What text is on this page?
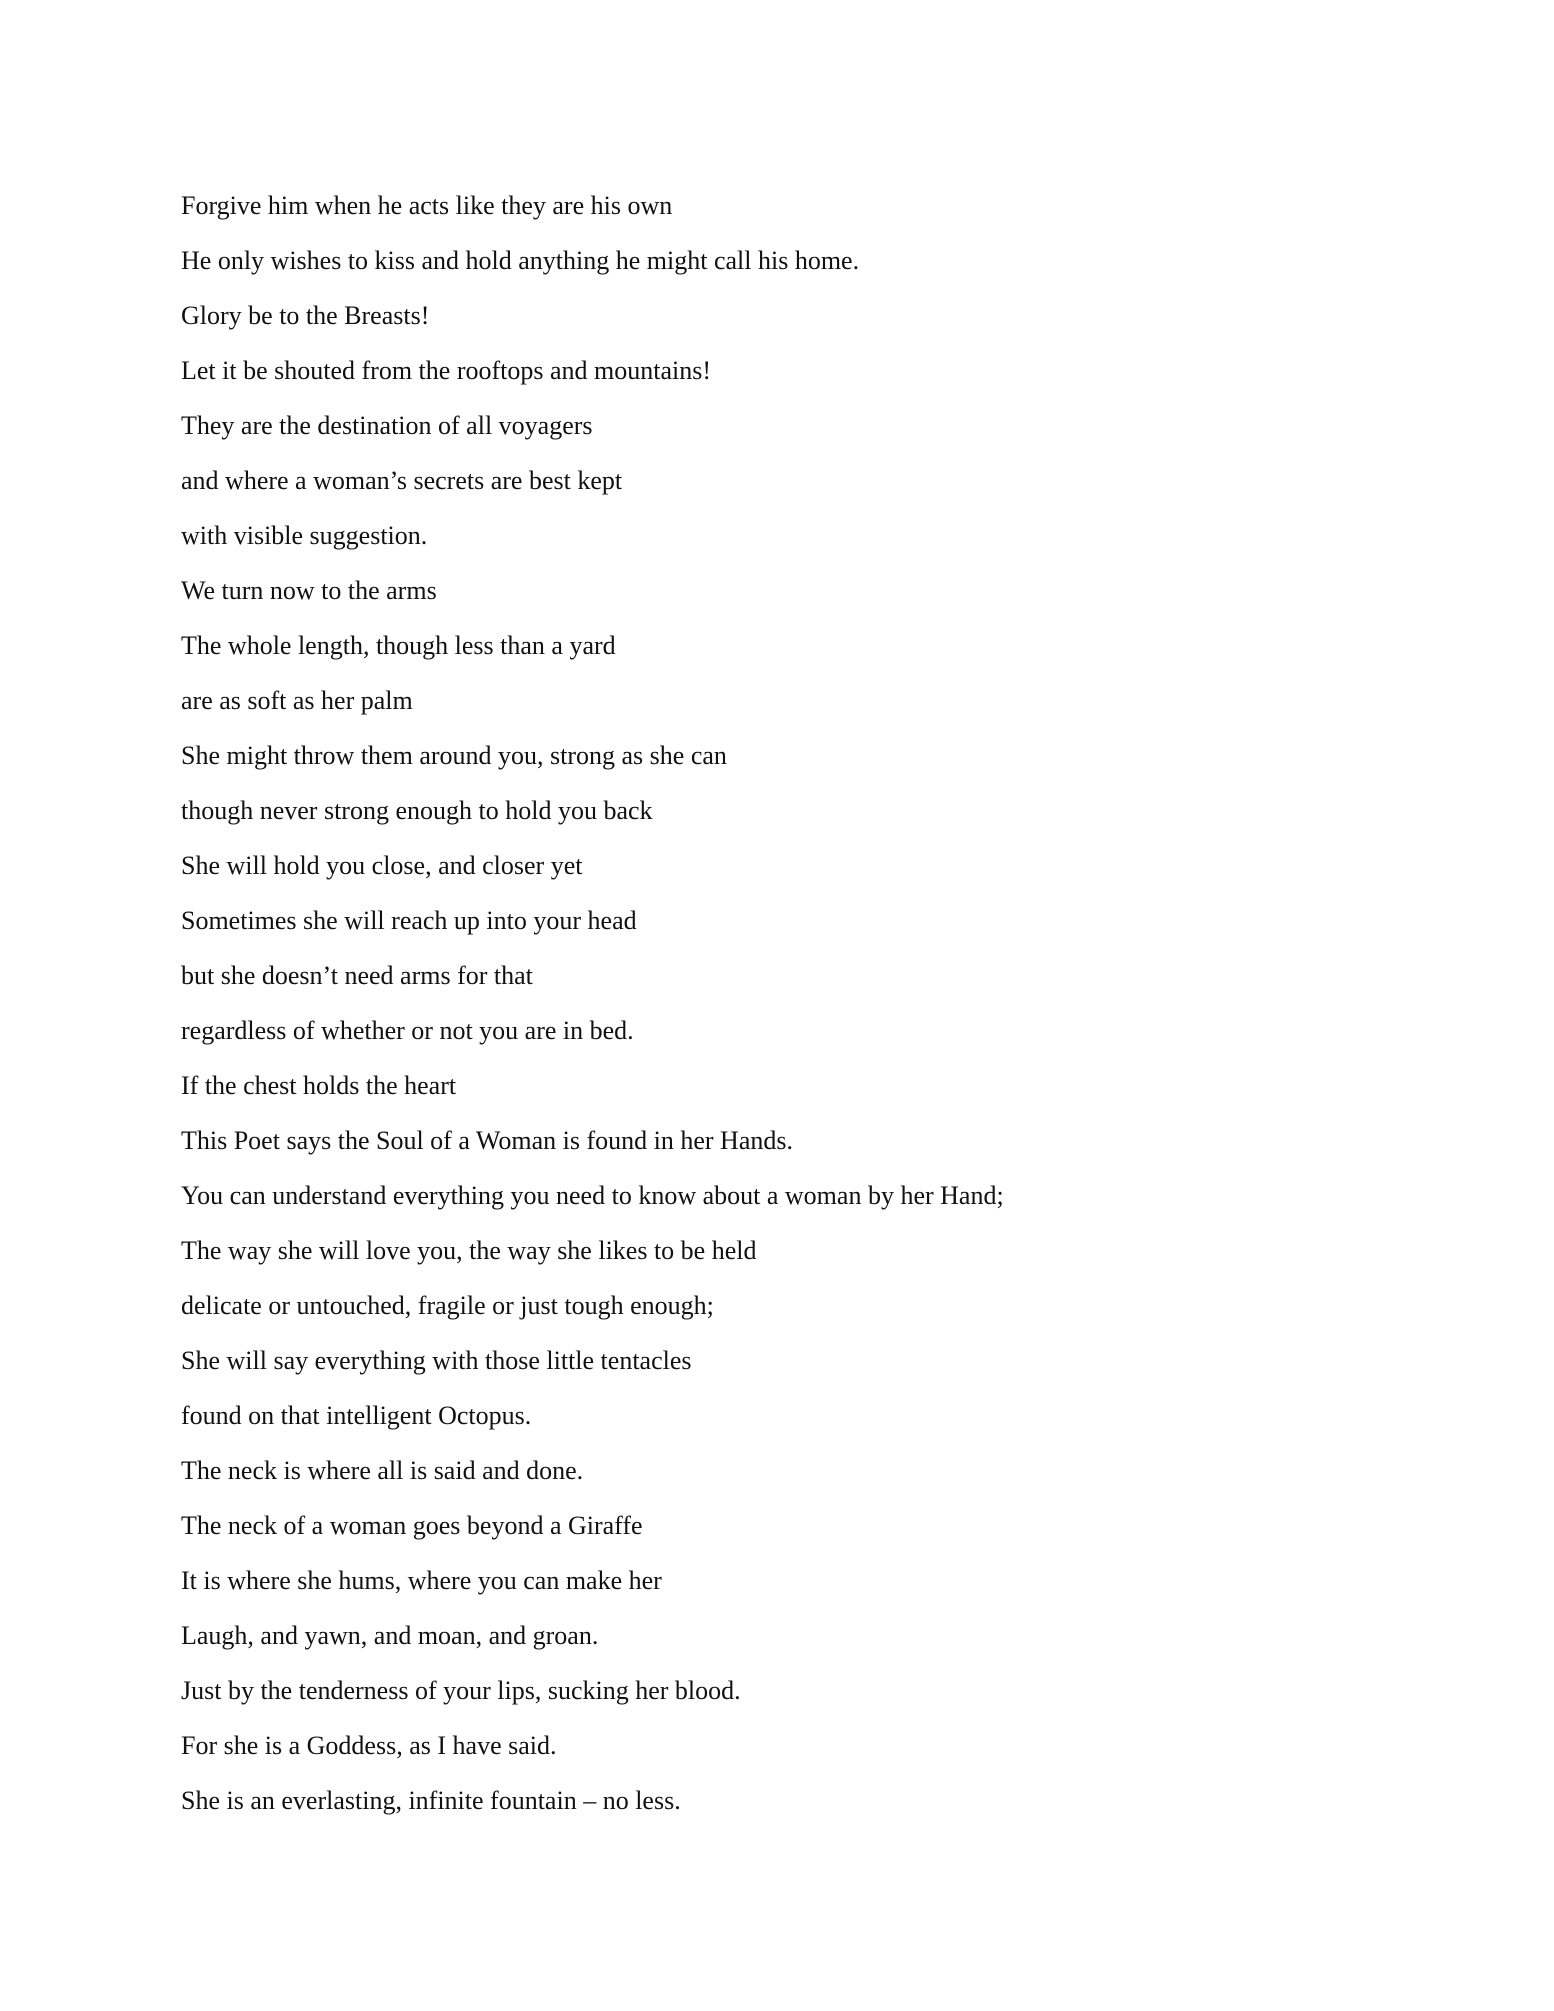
Forgive him when he acts like they are his own
He only wishes to kiss and hold anything he might call his home.
Glory be to the Breasts!
Let it be shouted from the rooftops and mountains!
They are the destination of all voyagers
and where a woman’s secrets are best kept
with visible suggestion.
We turn now to the arms
The whole length, though less than a yard
are as soft as her palm
She might throw them around you, strong as she can
though never strong enough to hold you back
She will hold you close, and closer yet
Sometimes she will reach up into your head
but she doesn’t need arms for that
regardless of whether or not you are in bed.
If the chest holds the heart
This Poet says the Soul of a Woman is found in her Hands.
You can understand everything you need to know about a woman by her Hand;
The way she will love you, the way she likes to be held
delicate or untouched, fragile or just tough enough;
She will say everything with those little tentacles
found on that intelligent Octopus.
The neck is where all is said and done.
The neck of a woman goes beyond a Giraffe
It is where she hums, where you can make her
Laugh, and yawn, and moan, and groan.
Just by the tenderness of your lips, sucking her blood.
For she is a Goddess, as I have said.
She is an everlasting, infinite fountain – no less.
